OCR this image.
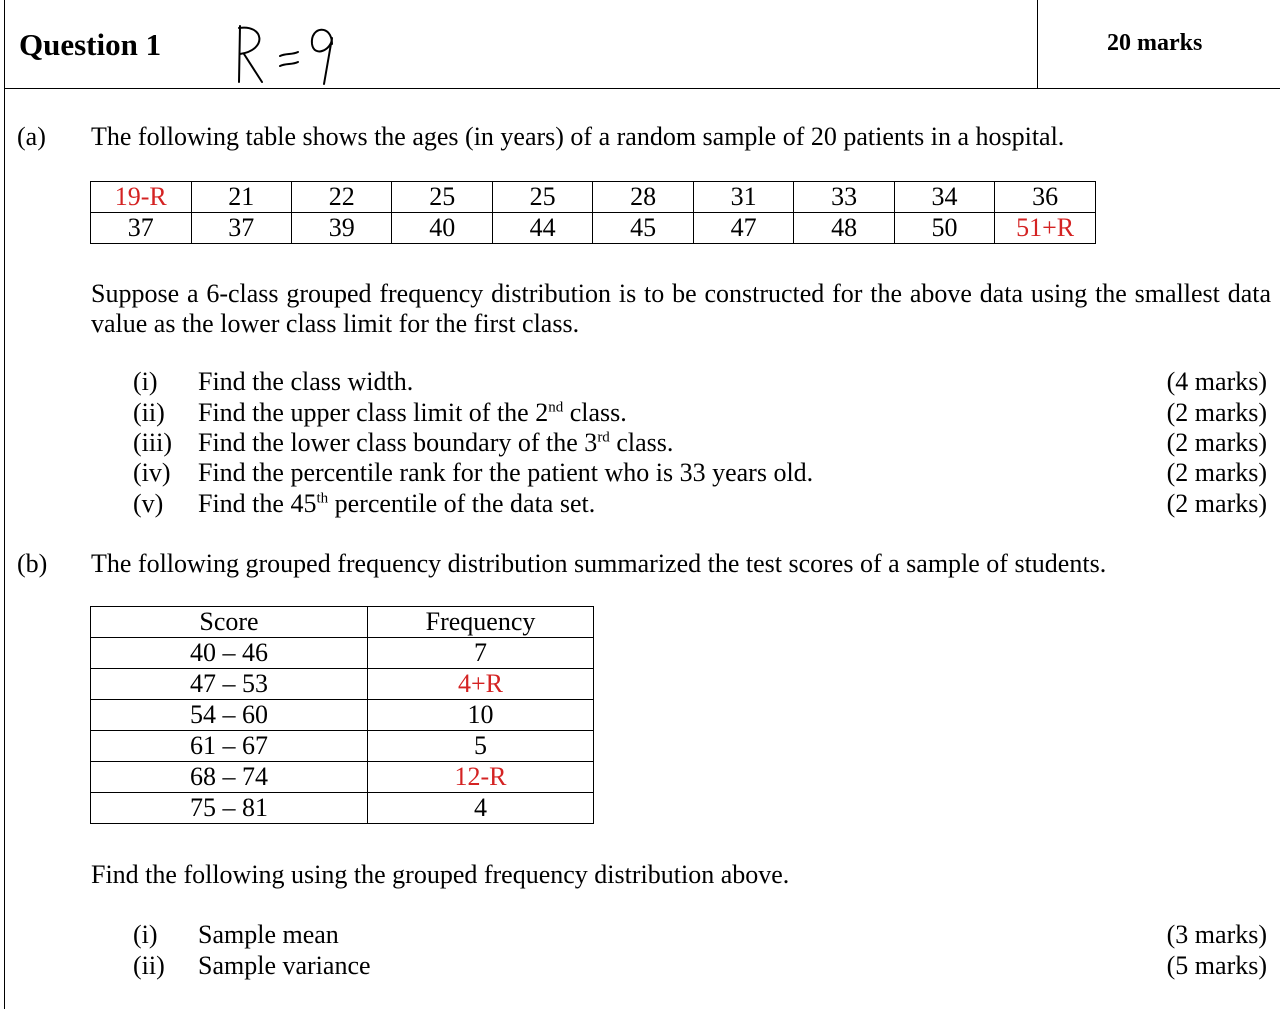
Question 1	20 marks
(a) The following table shows the ages (in years) of a random sample of 20 patients in a hospital.
19-R	21	22	25	25	28	31	33	34	36
37	37	39	40	44	45	47	48	50	51+R
Suppose a 6-class grouped frequency distribution is to be constructed for the above data using the smallest data value as the lower class limit for the first class.
(i) Find the class width.	(4 marks)
(ii) Find the upper class limit of the 2nd class.	(2 marks)
(iii) Find the lower class boundary of the 3rd class.	(2 marks)
(iv) Find the percentile rank for the patient who is 33 years old.	(2 marks)
(v) Find the 45th percentile of the data set.	(2 marks)
(b) The following grouped frequency distribution summarized the test scores of a sample of students.
Score	Frequency
40 – 46	7
47 – 53	4+R
54 – 60	10
61 – 67	5
68 – 74	12-R
75 – 81	4
Find the following using the grouped frequency distribution above.
(i) Sample mean	(3 marks)
(ii) Sample variance	(5 marks)
